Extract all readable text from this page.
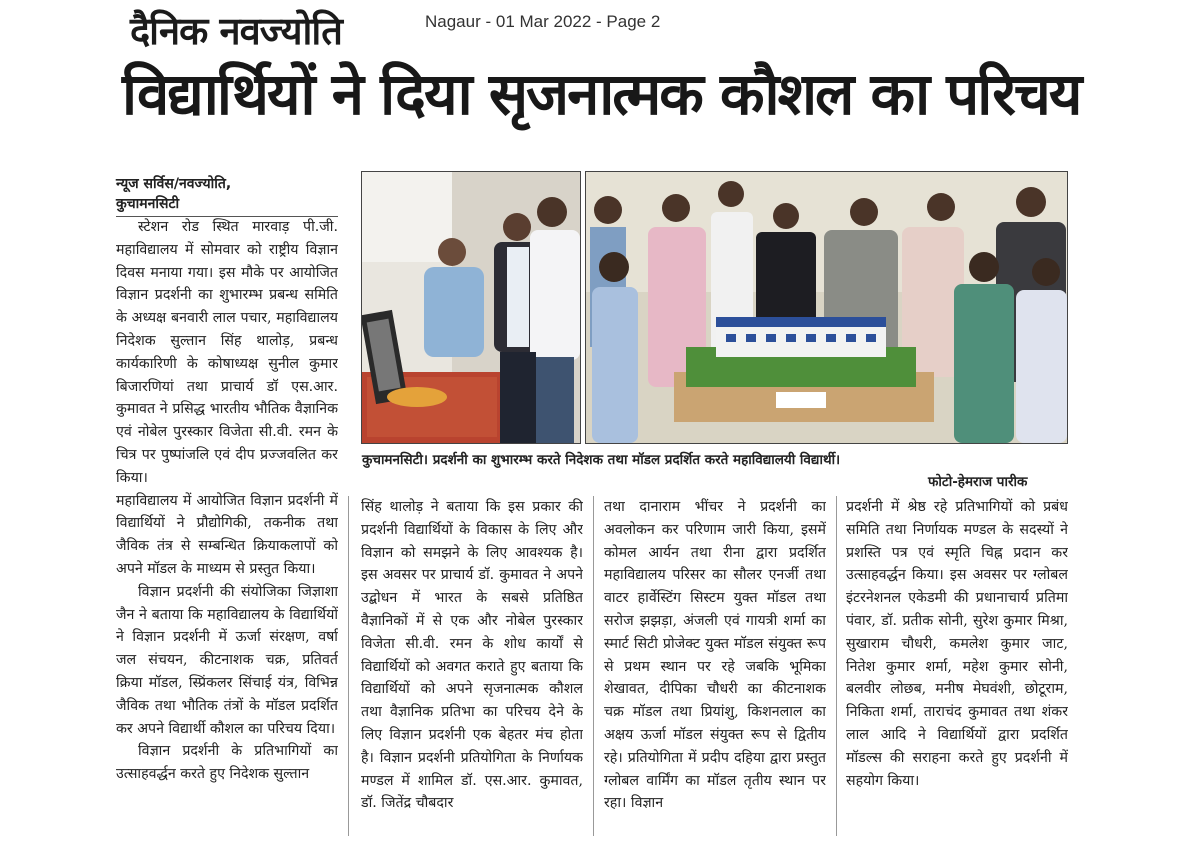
दैनिक नवज्योति	Nagaur - 01 Mar 2022 - Page 2
विद्यार्थियों ने दिया सृजनात्मक कौशल का परिचय
न्यूज सर्विस/नवज्योति,
कुचामनसिटी
कुचामनसिटी। प्रदर्शनी का शुभारम्भ करते निदेशक तथा मॉडल प्रदर्शित करते महाविद्यालयी विद्यार्थी।
फोटो-हेमराज पारीक

स्टेशन रोड स्थित मारवाड़ पी.जी. महाविद्यालय में सोमवार को राष्ट्रीय विज्ञान दिवस मनाया गया। इस मौके पर आयोजित विज्ञान प्रदर्शनी का शुभारम्भ प्रबन्ध समिति के अध्यक्ष बनवारी लाल पचार, महाविद्यालय निदेशक सुल्तान सिंह थालोड़, प्रबन्ध कार्यकारिणी के कोषाध्यक्ष सुनील कुमार बिजारणियां तथा प्राचार्य डॉ एस.आर. कुमावत ने प्रसिद्ध भारतीय भौतिक वैज्ञानिक एवं नोबेल पुरस्कार विजेता सी.वी. रमन के चित्र पर पुष्पांजलि एवं दीप प्रज्जवलित कर किया।

महाविद्यालय में आयोजित विज्ञान प्रदर्शनी में विद्यार्थियों ने प्रौद्योगिकी, तकनीक तथा जैविक तंत्र से सम्बन्धित क्रियाकलापों को अपने मॉडल के माध्यम से प्रस्तुत किया।

विज्ञान प्रदर्शनी की संयोजिका जिज्ञाशा जैन ने बताया कि महाविद्यालय के विद्यार्थियों ने विज्ञान प्रदर्शनी में ऊर्जा संरक्षण, वर्षा जल संचयन, कीटनाशक चक्र, प्रतिवर्त क्रिया मॉडल, स्प्रिंकलर सिंचाई यंत्र, विभिन्न जैविक तथा भौतिक तंत्रों के मॉडल प्रदर्शित कर अपने विद्यार्थी कौशल का परिचय दिया।

विज्ञान प्रदर्शनी के प्रतिभागियों का उत्साहवर्द्धन करते हुए निदेशक सुल्तान

सिंह थालोड़ ने बताया कि इस प्रकार की प्रदर्शनी विद्यार्थियों के विकास के लिए और विज्ञान को समझने के लिए आवश्यक है। इस अवसर पर प्राचार्य डॉ. कुमावत ने अपने उद्बोधन में भारत के सबसे प्रतिष्ठित वैज्ञानिकों में से एक और नोबेल पुरस्कार विजेता सी.वी. रमन के शोध कार्यों से विद्यार्थियों को अवगत कराते हुए बताया कि विद्यार्थियों को अपने सृजनात्मक कौशल तथा वैज्ञानिक प्रतिभा का परिचय देने के लिए विज्ञान प्रदर्शनी एक बेहतर मंच होता है। विज्ञान प्रदर्शनी प्रतियोगिता के निर्णायक मण्डल में शामिल डॉ. एस.आर. कुमावत, डॉ. जितेंद्र चौबदार

तथा दानाराम भींचर ने प्रदर्शनी का अवलोकन कर परिणाम जारी किया, इसमें कोमल आर्यन तथा रीना द्वारा प्रदर्शित महाविद्यालय परिसर का सौलर एनर्जी तथा वाटर हार्वेस्टिंग सिस्टम युक्त मॉडल तथा सरोज झझड़ा, अंजली एवं गायत्री शर्मा का स्मार्ट सिटी प्रोजेक्ट युक्त मॉडल संयुक्त रूप से प्रथम स्थान पर रहे जबकि भूमिका शेखावत, दीपिका चौधरी का कीटनाशक चक्र मॉडल तथा प्रियांशु, किशनलाल का अक्षय ऊर्जा मॉडल संयुक्त रूप से द्वितीय रहे। प्रतियोगिता में प्रदीप दहिया द्वारा प्रस्तुत ग्लोबल वार्मिंग का मॉडल तृतीय स्थान पर रहा। विज्ञान

प्रदर्शनी में श्रेष्ठ रहे प्रतिभागियों को प्रबंध समिति तथा निर्णायक मण्डल के सदस्यों ने प्रशस्ति पत्र एवं स्मृति चिह्न प्रदान कर उत्साहवर्द्धन किया। इस अवसर पर ग्लोबल इंटरनेशनल एकेडमी की प्रधानाचार्य प्रतिमा पंवार, डॉ. प्रतीक सोनी, सुरेश कुमार मिश्रा, सुखाराम चौधरी, कमलेश कुमार जाट, नितेश कुमार शर्मा, महेश कुमार सोनी, बलवीर लोछब, मनीष मेघवंशी, छोटूराम, निकिता शर्मा, ताराचंद कुमावत तथा शंकर लाल आदि ने विद्यार्थियों द्वारा प्रदर्शित मॉडल्स की सराहना करते हुए प्रदर्शनी में सहयोग किया।
